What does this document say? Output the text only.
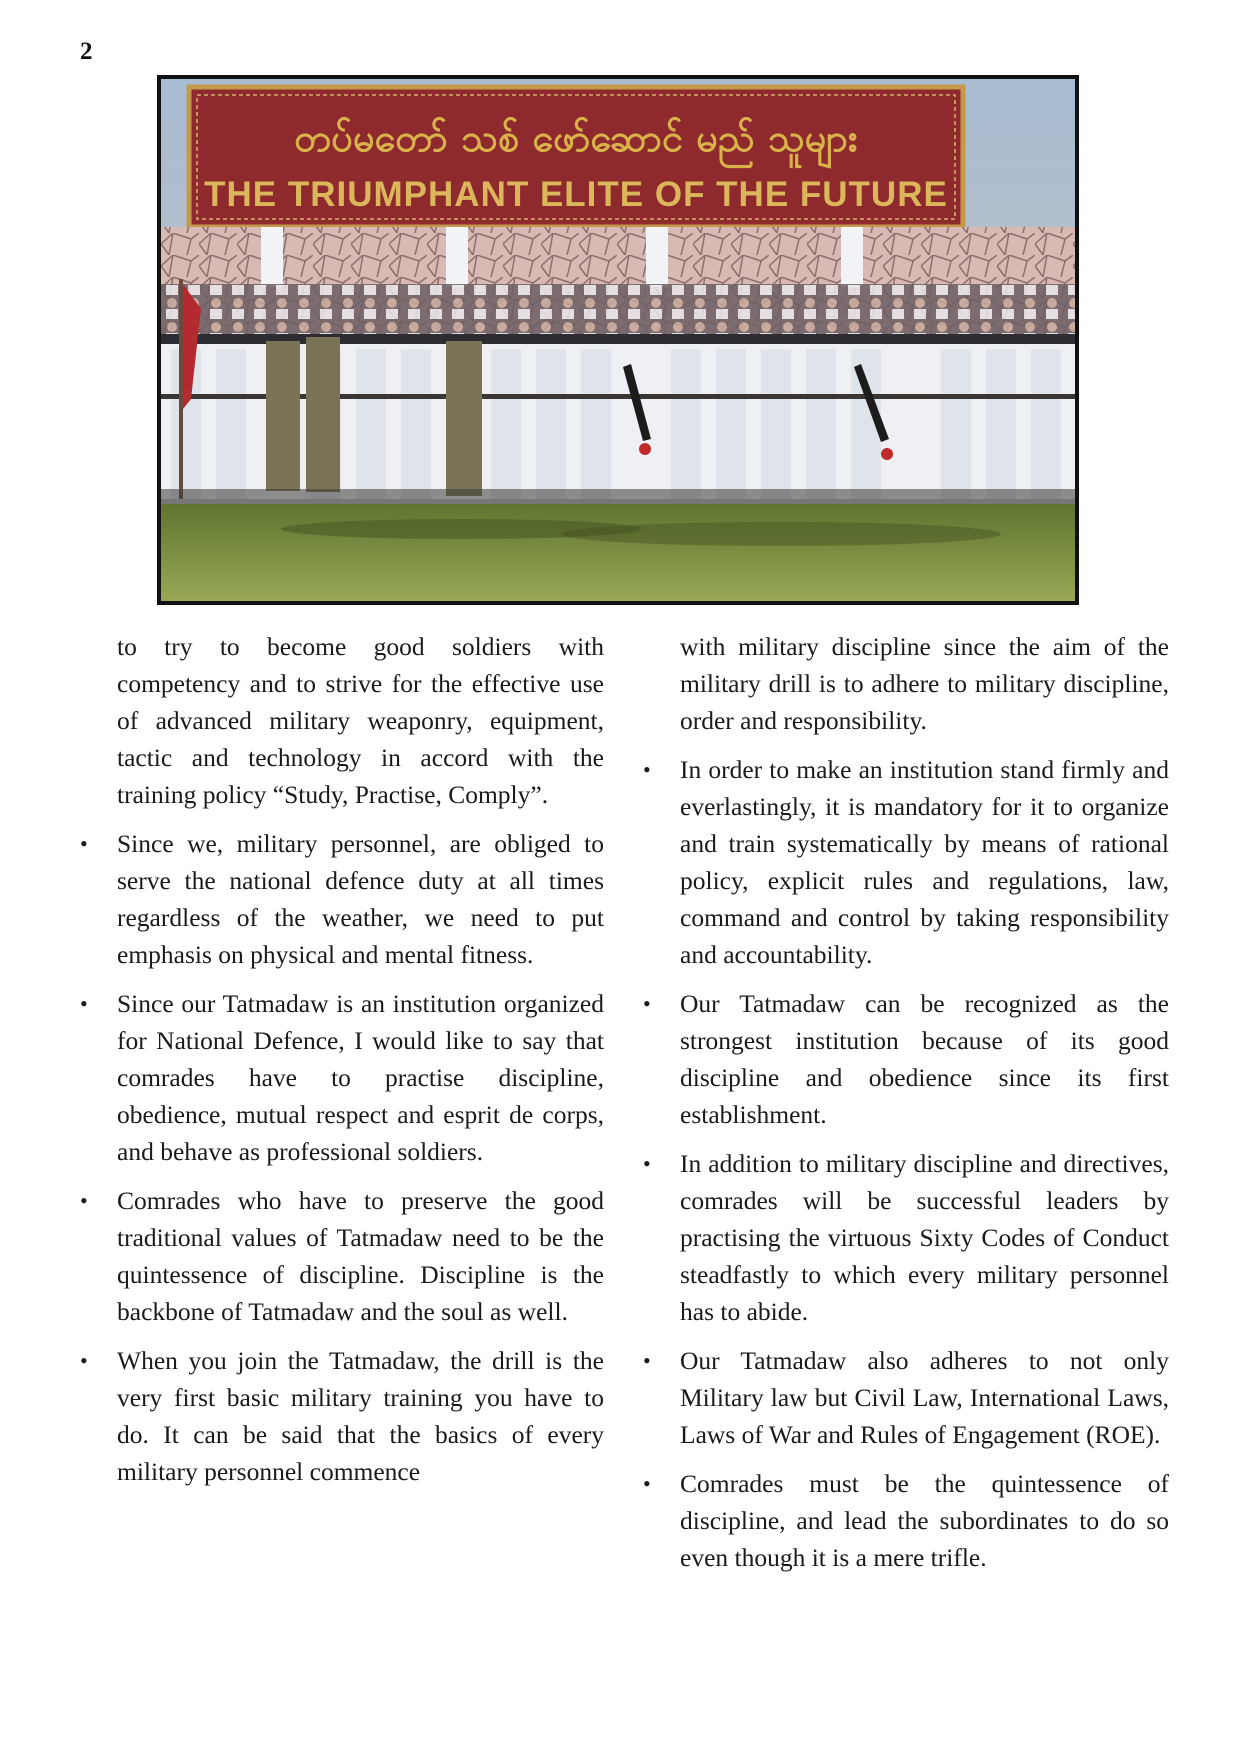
2
တပ်မတော် သစ် ဖော်ဆောင် မည် သူများ
THE TRIUMPHANT ELITE OF THE FUTURE

to try to become good soldiers with competency and to strive for the effective use of advanced military weaponry, equipment, tactic and technology in accord with the training policy “Study, Practise, Comply”.

• Since we, military personnel, are obliged to serve the national defence duty at all times regardless of the weather, we need to put emphasis on physical and mental fitness.
• Since our Tatmadaw is an institution organized for National Defence, I would like to say that comrades have to practise discipline, obedience, mutual respect and esprit de corps, and behave as professional soldiers.
• Comrades who have to preserve the good traditional values of Tatmadaw need to be the quintessence of discipline. Discipline is the backbone of Tatmadaw and the soul as well.
• When you join the Tatmadaw, the drill is the very first basic military training you have to do. It can be said that the basics of every military personnel commence

with military discipline since the aim of the military drill is to adhere to military discipline, order and responsibility.

• In order to make an institution stand firmly and everlastingly, it is mandatory for it to organize and train systematically by means of rational policy, explicit rules and regulations, law, command and control by taking responsibility and accountability.
• Our Tatmadaw can be recognized as the strongest institution because of its good discipline and obedience since its first establishment.
• In addition to military discipline and directives, comrades will be successful leaders by practising the virtuous Sixty Codes of Conduct steadfastly to which every military personnel has to abide.
• Our Tatmadaw also adheres to not only Military law but Civil Law, International Laws, Laws of War and Rules of Engagement (ROE).
• Comrades must be the quintessence of discipline, and lead the subordinates to do so even though it is a mere trifle.
